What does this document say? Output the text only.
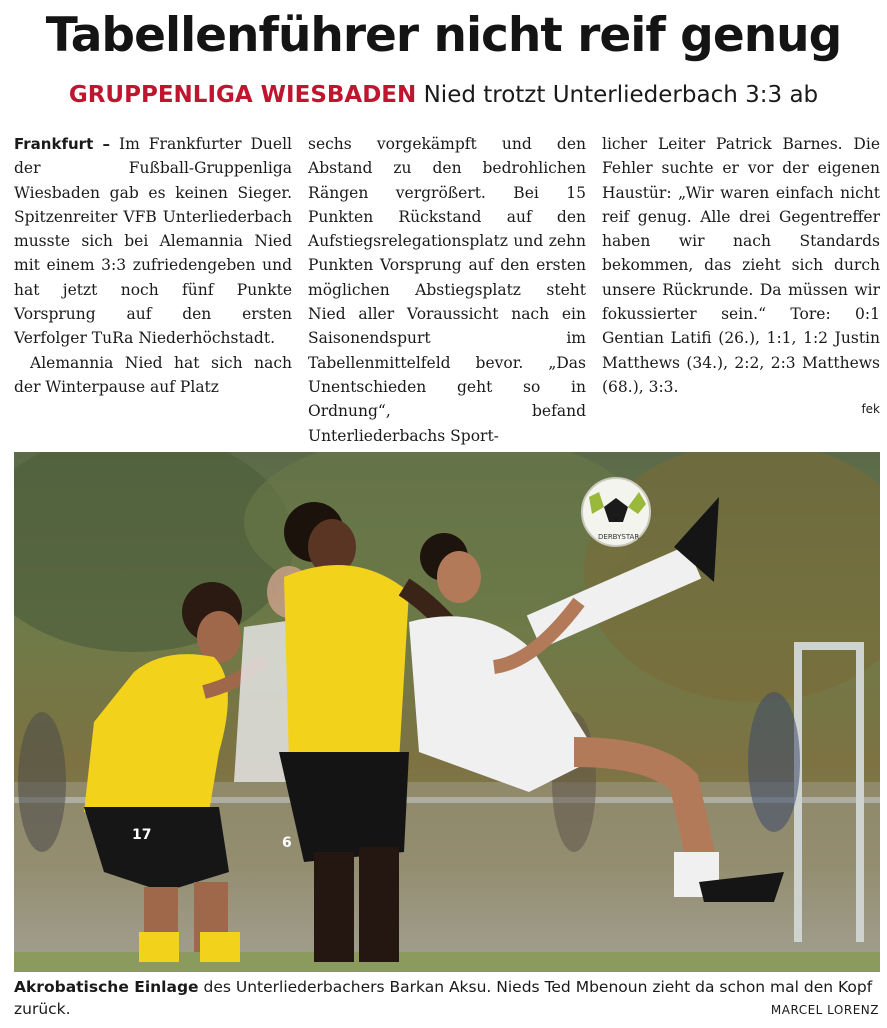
Tabellenführer nicht reif genug
GRUPPENLIGA WIESBADEN Nied trotzt Unterliederbach 3:3 ab

Frankfurt – Im Frankfurter Duell der Fußball-Gruppenliga Wiesbaden gab es keinen Sieger. Spitzenreiter VFB Unterliederbach musste sich bei Alemannia Nied mit einem 3:3 zufriedengeben und hat jetzt noch fünf Punkte Vorsprung auf den ersten Verfolger TuRa Niederhöchstadt.

Alemannia Nied hat sich nach der Winterpause auf Platz

sechs vorgekämpft und den Abstand zu den bedrohlichen Rängen vergrößert. Bei 15 Punkten Rückstand auf den Aufstiegsrelegationsplatz und zehn Punkten Vorsprung auf den ersten möglichen Abstiegsplatz steht Nied aller Voraussicht nach ein Saisonendspurt im Tabellenmittelfeld bevor. „Das Unentschieden geht so in Ordnung“, befand Unterliederbachs Sport-

licher Leiter Patrick Barnes. Die Fehler suchte er vor der eigenen Haustür: „Wir waren einfach nicht reif genug. Alle drei Gegentreffer haben wir nach Standards bekommen, das zieht sich durch unsere Rückrunde. Da müssen wir fokussierter sein.“ Tore: 0:1 Gentian Latifi (26.), 1:1, 1:2 Justin Matthews (34.), 2:2, 2:3 Matthews (68.), 3:3.

fek
17	6
DERBYSTAR

Akrobatische Einlage des Unterliederbachers Barkan Aksu. Nieds Ted Mbenoun zieht da schon mal den Kopf zurück.	MARCEL LORENZ
